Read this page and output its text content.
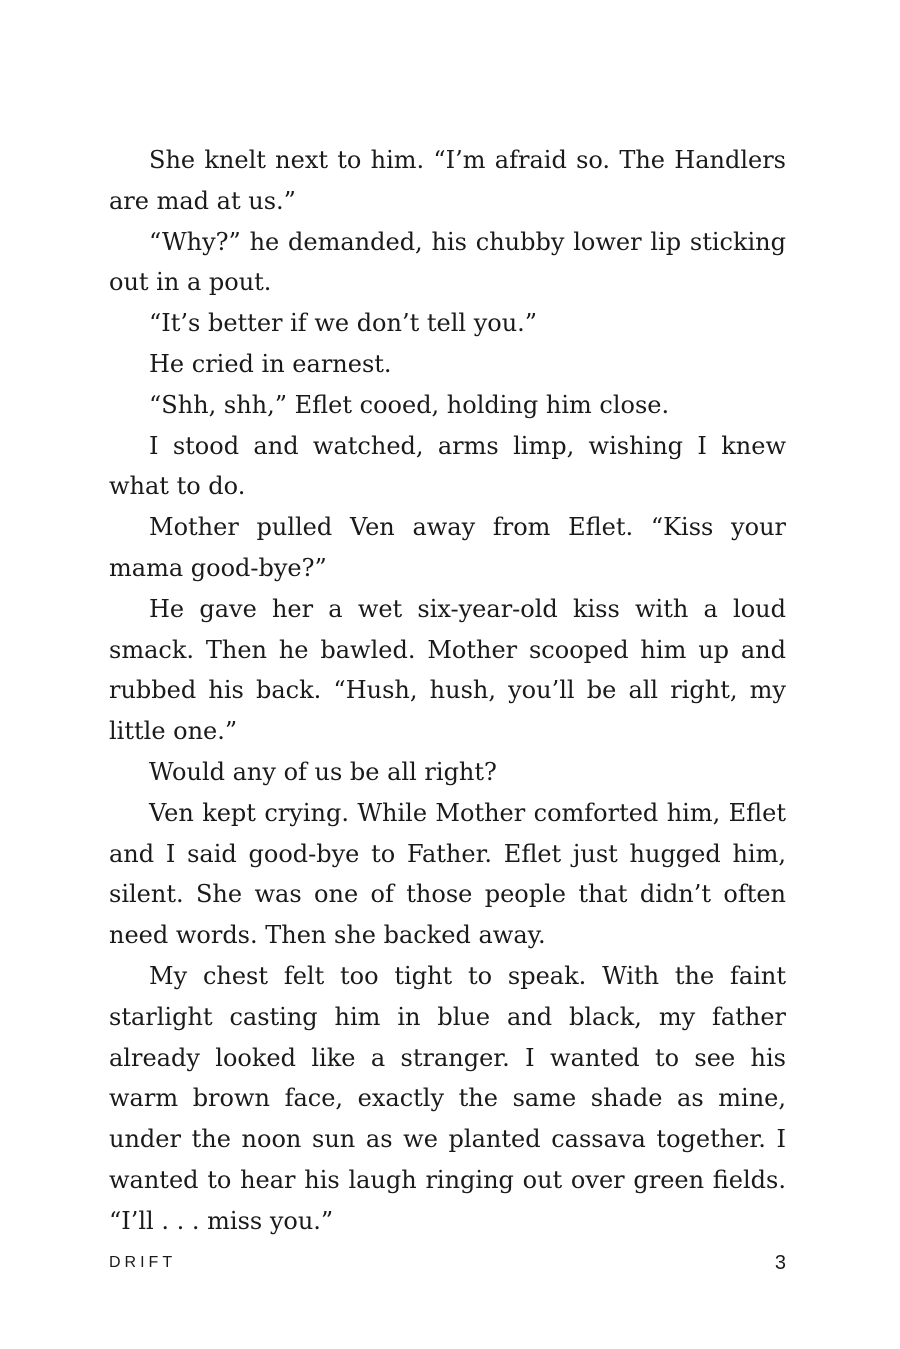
She knelt next to him. “I’m afraid so. The Handlers are mad at us.”

“Why?” he demanded, his chubby lower lip sticking out in a pout.

“It’s better if we don’t tell you.”

He cried in earnest.

“Shh, shh,” Eflet cooed, holding him close.

I stood and watched, arms limp, wishing I knew what to do.

Mother pulled Ven away from Eflet. “Kiss your mama good-bye?”

He gave her a wet six-year-old kiss with a loud smack. Then he bawled. Mother scooped him up and rubbed his back. “Hush, hush, you’ll be all right, my little one.”

Would any of us be all right?

Ven kept crying. While Mother comforted him, Eflet and I said good-bye to Father. Eflet just hugged him, silent. She was one of those people that didn’t often need words. Then she backed away.

My chest felt too tight to speak. With the faint starlight casting him in blue and black, my father already looked like a stranger. I wanted to see his warm brown face, exactly the same shade as mine, under the noon sun as we planted cassava together. I wanted to hear his laugh ringing out over green fields. “I’ll . . . miss you.”

DRIFT	3
